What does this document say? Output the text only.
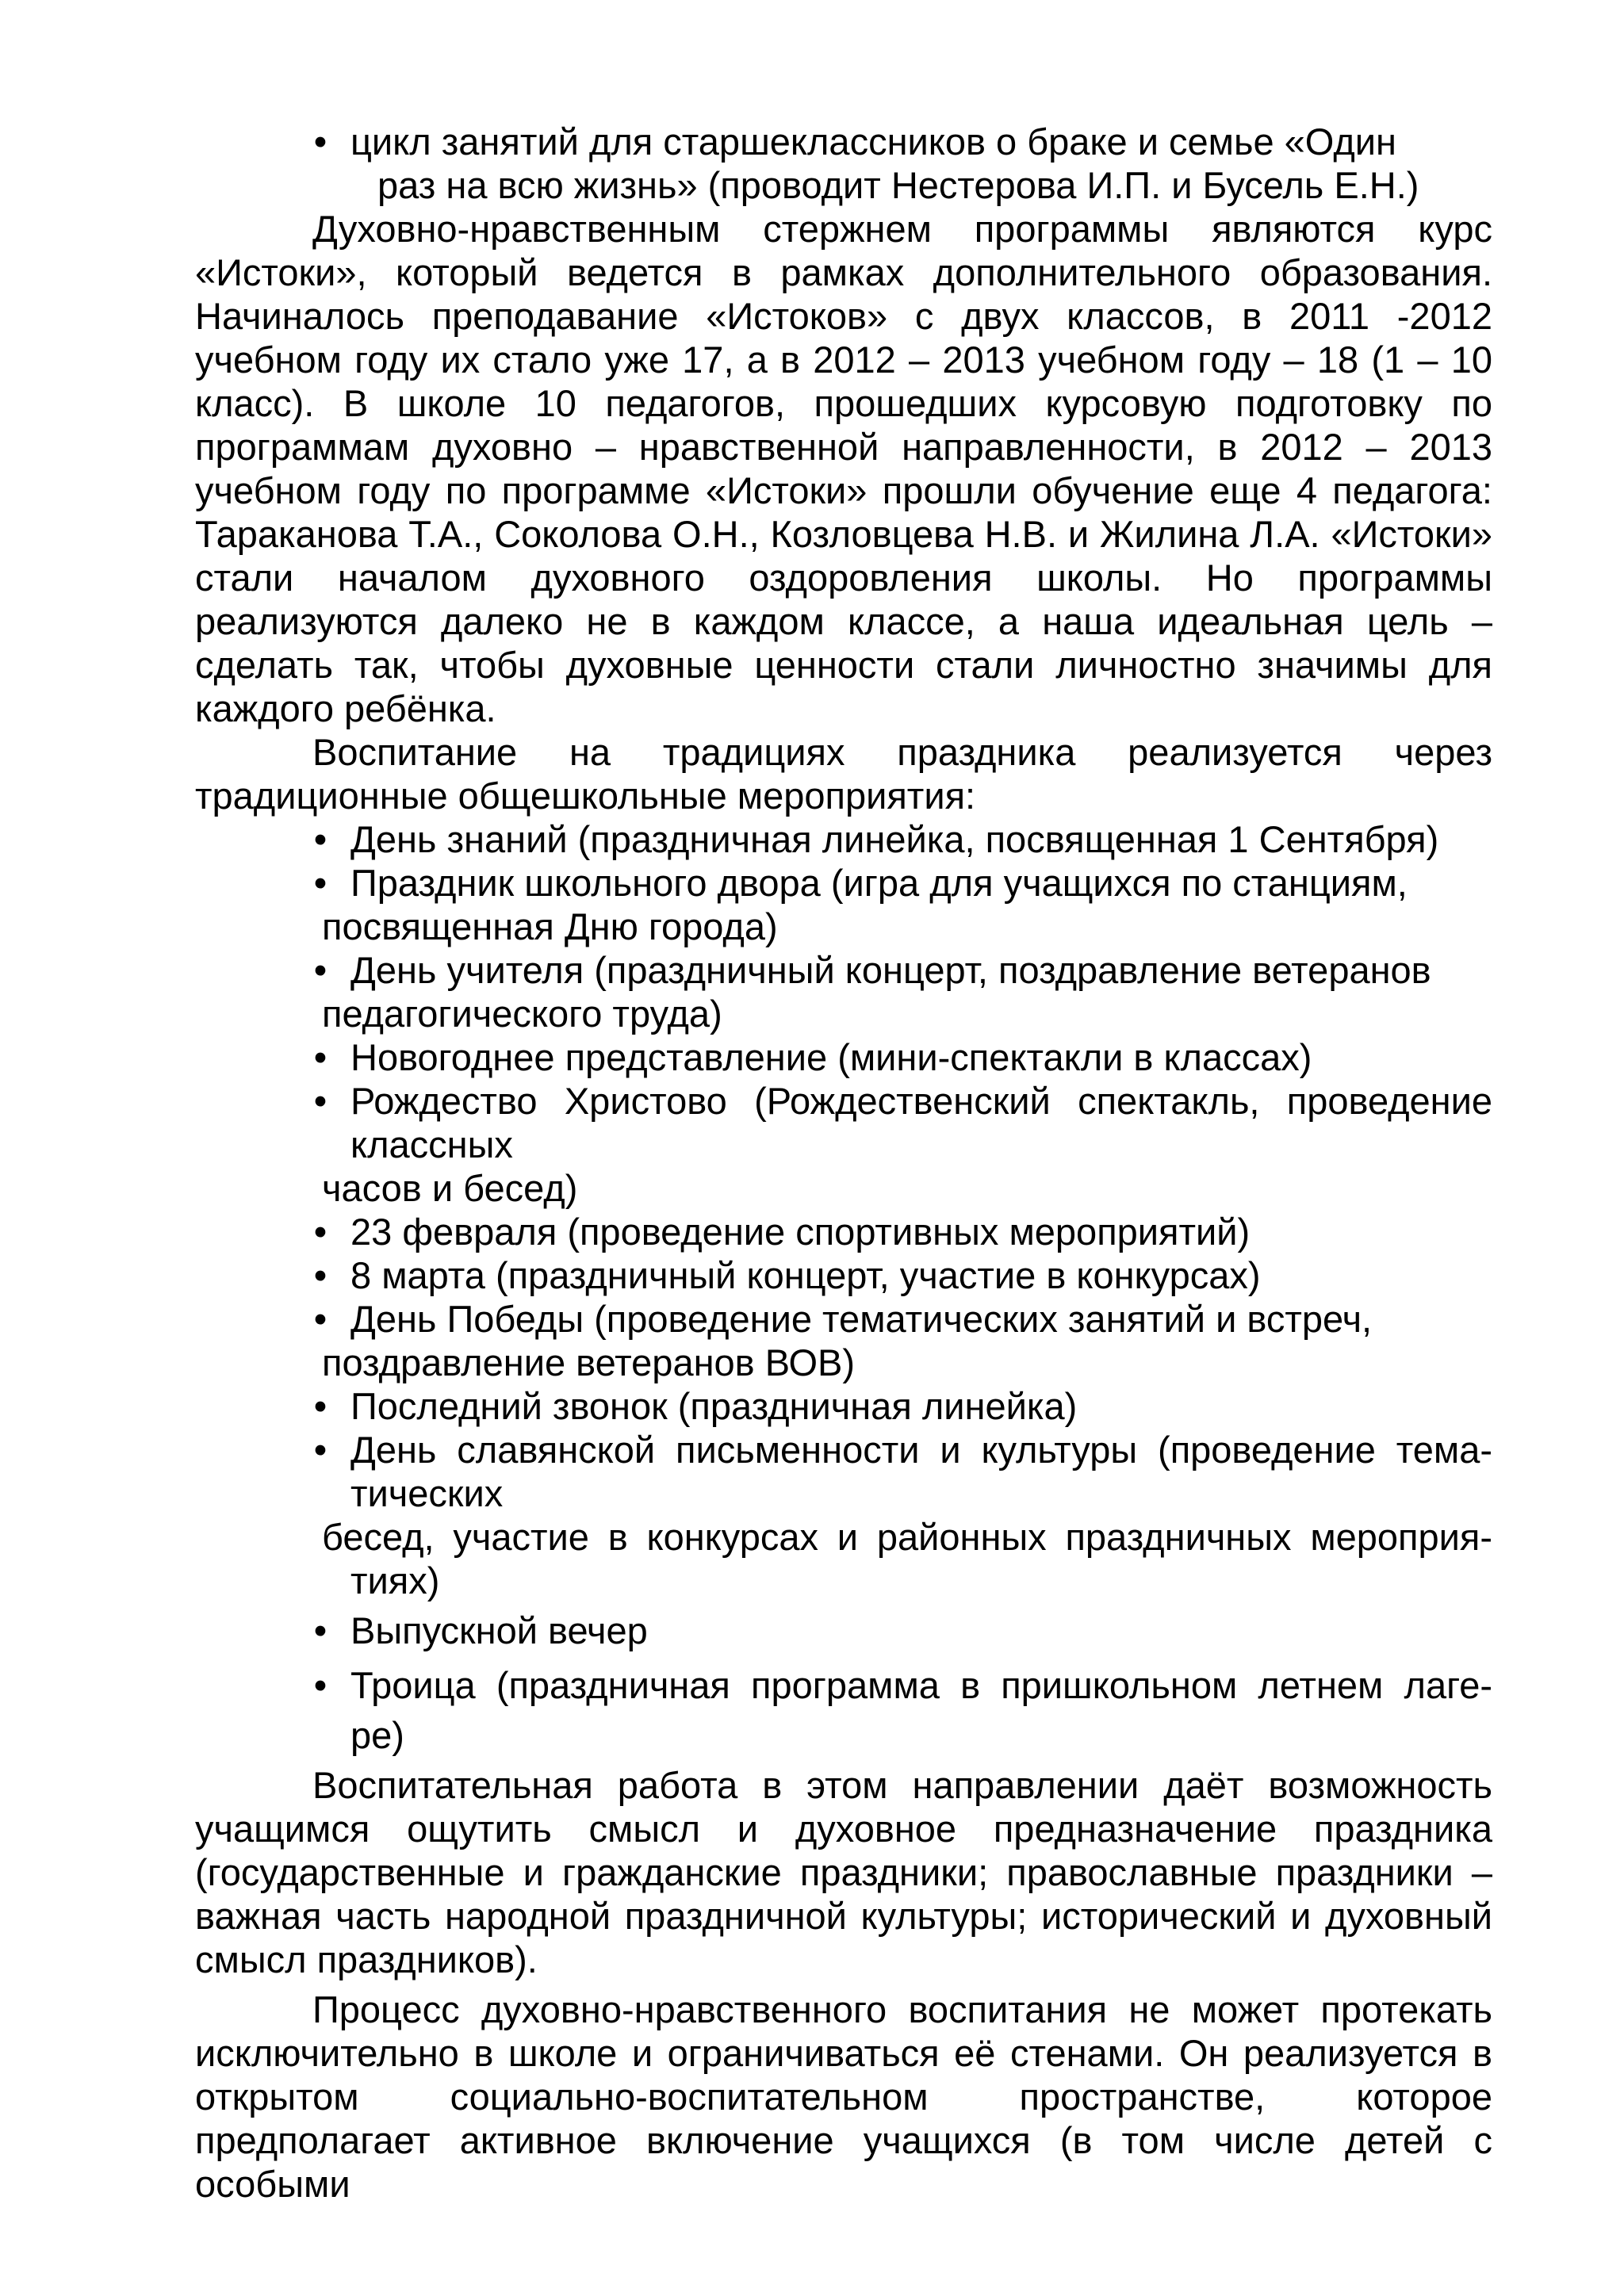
• цикл занятий для старшеклассников о браке и семье «Один
раз на всю жизнь» (проводит Нестерова И.П. и Бусель Е.Н.)

Духовно-нравственным стержнем программы являются курс «Истоки», который ведется в рамках дополнительного образования. Начиналось преподавание «Истоков» с двух классов, в 2011 -2012 учебном году их стало уже 17, а в 2012 – 2013 учебном году – 18 (1 – 10 класс). В школе 10 педагогов, прошедших курсовую подготовку по программам духовно – нравственной направленности, в 2012 – 2013 учебном году по программе «Истоки» прошли обучение еще 4 педагога: Тараканова Т.А., Соколова О.Н., Козловцева Н.В. и Жилина Л.А. «Истоки» стали началом духовного оздоровления школы. Но программы реализуются далеко не в каждом классе, а наша идеальная цель – сделать так, чтобы духовные ценности стали личностно значимы для каждого ребёнка.

Воспитание на традициях праздника реализуется через традиционные общешкольные мероприятия:

• День знаний (праздничная линейка, посвященная 1 Сентября)
• Праздник школьного двора (игра для учащихся по станциям,
посвященная Дню города)
• День учителя (праздничный концерт, поздравление ветеранов
педагогического труда)
• Новогоднее представление (мини-спектакли в классах)
• Рождество Христово (Рождественский спектакль, проведение
классных
часов и бесед)
• 23 февраля (проведение спортивных мероприятий)
• 8 марта (праздничный концерт, участие в конкурсах)
• День Победы (проведение тематических занятий и встреч,
поздравление ветеранов ВОВ)
• Последний звонок (праздничная линейка)
• День славянской письменности и культуры (проведение тема-
тических
бесед, участие в конкурсах и районных праздничных мероприя-
тиях)
• Выпускной вечер
• Троица (праздничная программа в пришкольном летнем лаге-
ре)

Воспитательная работа в этом направлении даёт возможность учащимся ощутить смысл и духовное предназначение праздника (государственные и гражданские праздники; православные праздники – важная часть народной праздничной культуры; исторический и духовный смысл праздников).

Процесс духовно-нравственного воспитания не может протекать исключительно в школе и ограничиваться её стенами. Он реализуется в открытом социально-воспитательном пространстве, которое предполагает активное включение учащихся (в том числе детей с особыми
